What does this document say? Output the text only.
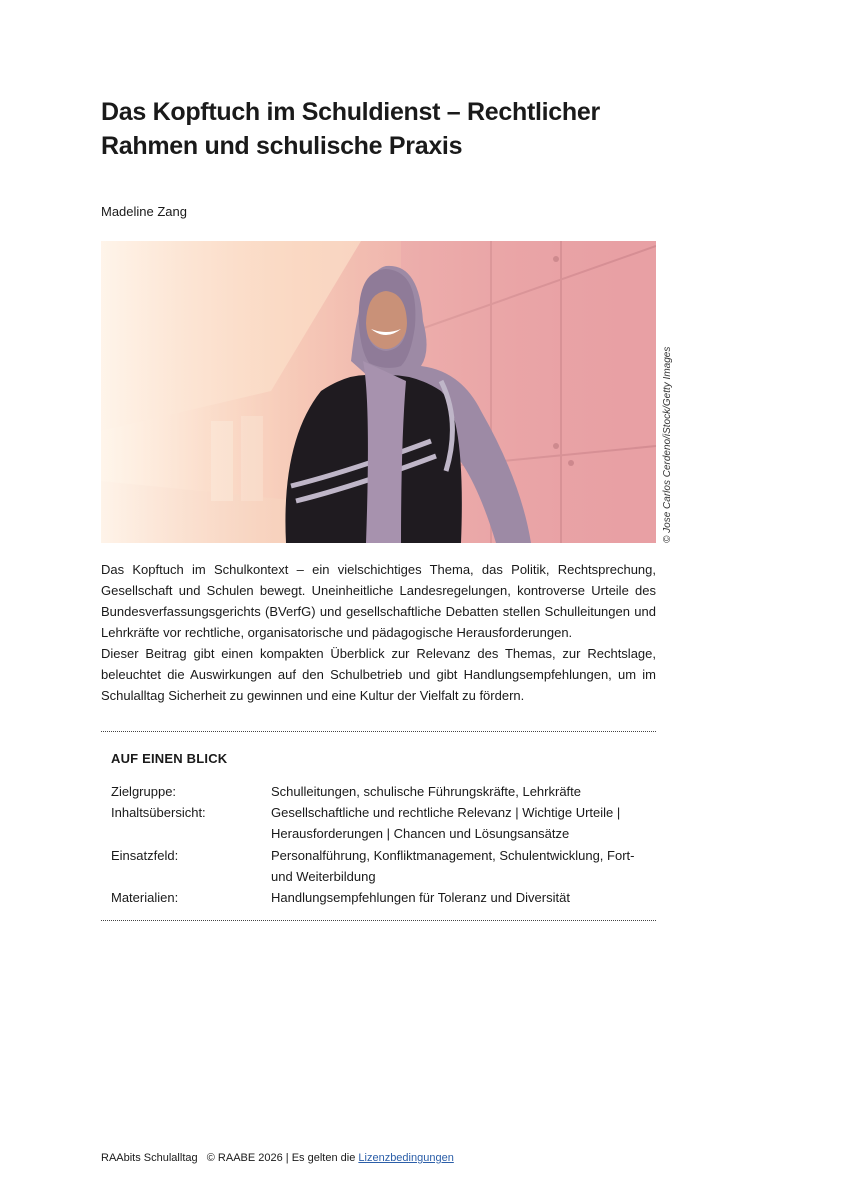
Das Kopftuch im Schuldienst – Rechtlicher Rahmen und schulische Praxis
Madeline Zang
© Jose Carlos Cerdeno/iStock/Getty Images

Das Kopftuch im Schulkontext – ein vielschichtiges Thema, das Politik, Rechtsprechung, Gesellschaft und Schulen bewegt. Uneinheitliche Landesregelungen, kontroverse Urteile des Bundesverfassungsgerichts (BVerfG) und gesellschaftliche Debatten stellen Schulleitungen und Lehrkräfte vor rechtliche, organisatorische und pädagogische Herausforderungen.

Dieser Beitrag gibt einen kompakten Überblick zur Relevanz des Themas, zur Rechtslage, beleuchtet die Auswirkungen auf den Schulbetrieb und gibt Handlungsempfehlungen, um im Schulalltag Sicherheit zu gewinnen und eine Kultur der Vielfalt zu fördern.

AUF EINEN BLICK
Zielgruppe:	Schulleitungen, schulische Führungskräfte, Lehrkräfte
Inhaltsübersicht:	Gesellschaftliche und rechtliche Relevanz | Wichtige Urteile | Herausforderungen | Chancen und Lösungsansätze
Einsatzfeld:	Personalführung, Konfliktmanagement, Schulentwicklung, Fort- und Weiterbildung
Materialien:	Handlungsempfehlungen für Toleranz und Diversität
RAAbits Schulalltag   © RAABE 2026 | Es gelten die Lizenzbedingungen
